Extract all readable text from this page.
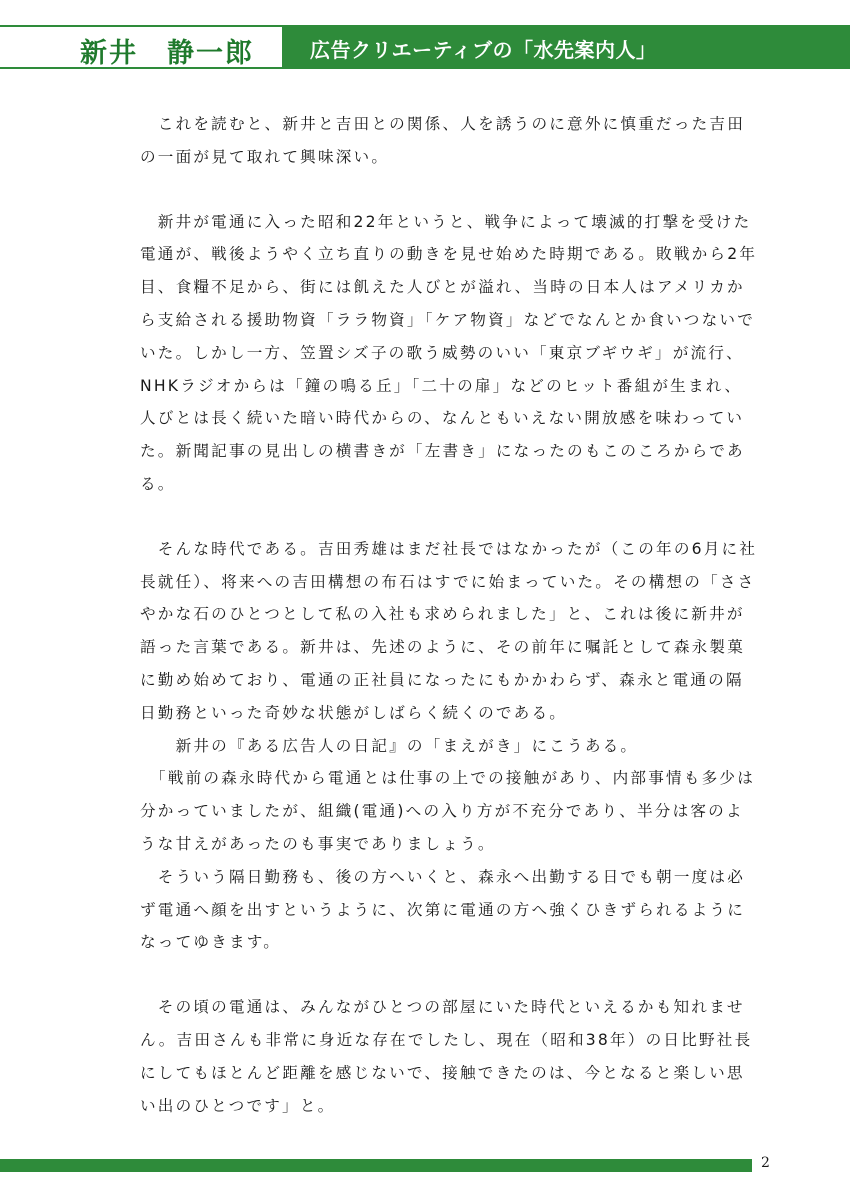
新井　静一郎	広告クリエーティブの「水先案内人」

　これを読むと、新井と吉田との関係、人を誘うのに意外に慎重だった吉田の一面が見て取れて興味深い。

　新井が電通に入った昭和22年というと、戦争によって壊滅的打撃を受けた電通が、戦後ようやく立ち直りの動きを見せ始めた時期である。敗戦から2年目、食糧不足から、街には飢えた人びとが溢れ、当時の日本人はアメリカから支給される援助物資「ララ物資」「ケア物資」などでなんとか食いつないでいた。しかし一方、笠置シズ子の歌う威勢のいい「東京ブギウギ」が流行、NHKラジオからは「鐘の鳴る丘」「二十の扉」などのヒット番組が生まれ、人びとは長く続いた暗い時代からの、なんともいえない開放感を味わっていた。新聞記事の見出しの横書きが「左書き」になったのもこのころからである。

　そんな時代である。吉田秀雄はまだ社長ではなかったが（この年の6月に社長就任）、将来への吉田構想の布石はすでに始まっていた。その構想の「ささやかな石のひとつとして私の入社も求められました」と、これは後に新井が語った言葉である。新井は、先述のように、その前年に嘱託として森永製菓に勤め始めており、電通の正社員になったにもかかわらず、森永と電通の隔日勤務といった奇妙な状態がしばらく続くのである。

　　新井の『ある広告人の日記』の「まえがき」にこうある。

　「戦前の森永時代から電通とは仕事の上での接触があり、内部事情も多少は分かっていましたが、組織(電通)への入り方が不充分であり、半分は客のような甘えがあったのも事実でありましょう。

　そういう隔日勤務も、後の方へいくと、森永へ出勤する日でも朝一度は必ず電通へ顔を出すというように、次第に電通の方へ強くひきずられるようになってゆきます。

　その頃の電通は、みんながひとつの部屋にいた時代といえるかも知れません。吉田さんも非常に身近な存在でしたし、現在（昭和38年）の日比野社長にしてもほとんど距離を感じないで、接触できたのは、今となると楽しい思い出のひとつです」と。

2
